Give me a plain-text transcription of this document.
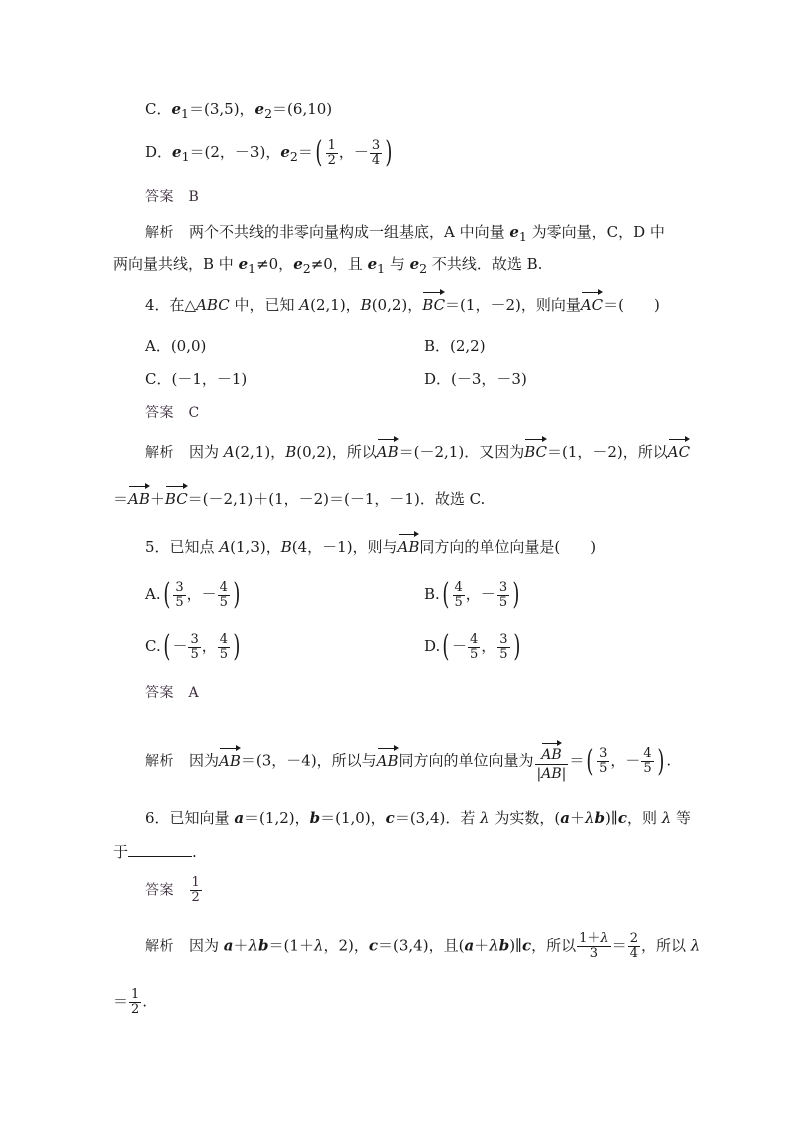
C．$e_1=(3,5)$，$e_2=(6,10)$
D．$e_1=(2$，－3)，$e_2=( \frac{1}{2}$ ，－ $\frac{3}{4}$ )
答案　 B
解析　两个不共线的非零向量构成一组基底，A 中向量 $e_1$ 为零向量，C，D 中
两向量共线，B 中 $e_1\ne 0$，$e_2\ne 0$，且 $e_1$ 与 $e_2$ 不共线．故选 B.
4．在△ABC 中，已知 A(2,1)，B(0,2)，BC＝(1，－2)，则向量AC＝(　　)
A．(0,0)	B．(2,2)
C．(－1，－1)	D．(－3，－3)
答案　 C
解析　因为 A(2,1)，B(0,2)，所以AB＝(－2,1)．又因为BC＝(1，－2)，所以AC
＝AB＋BC＝(－2,1)＋(1，－2)＝(－1，－1)．故选 C.
5．已知点 A(1,3)，B(4，－1)，则与AB同方向的单位向量是(　　)
$A.( \frac{3}{5}$ ，－ $\frac{4}{5}$ )	$B.( \frac{4}{5}$ ，－ $\frac{3}{5}$ )
$C.( - \frac{3}{5}$ ， $\frac{4}{5}$ )	$D.( - \frac{4}{5}$ ， $\frac{3}{5}$ )
答案　 A
解析　因为AB＝(3，－4)，所以与AB同方向的单位向量为 $\frac{AB}{|AB|}$ ＝( $\frac{3}{5}$ ，－ $\frac{4}{5}$ ) .
6．已知向量 a＝(1,2)，b＝(1,0)，c＝(3,4)．若 λ 为实数，(a＋λb)∥c，则 λ 等
于	.
答案　 $\frac{1}{2}$
解析　因为 a＋λb＝(1＋λ，2)，c＝(3,4)，且(a＋λb)∥c，所以 $\frac{1+\lambda}{3} = \frac{2}{4}$ ，所以 λ
＝ $\frac{1}{2}$ .
